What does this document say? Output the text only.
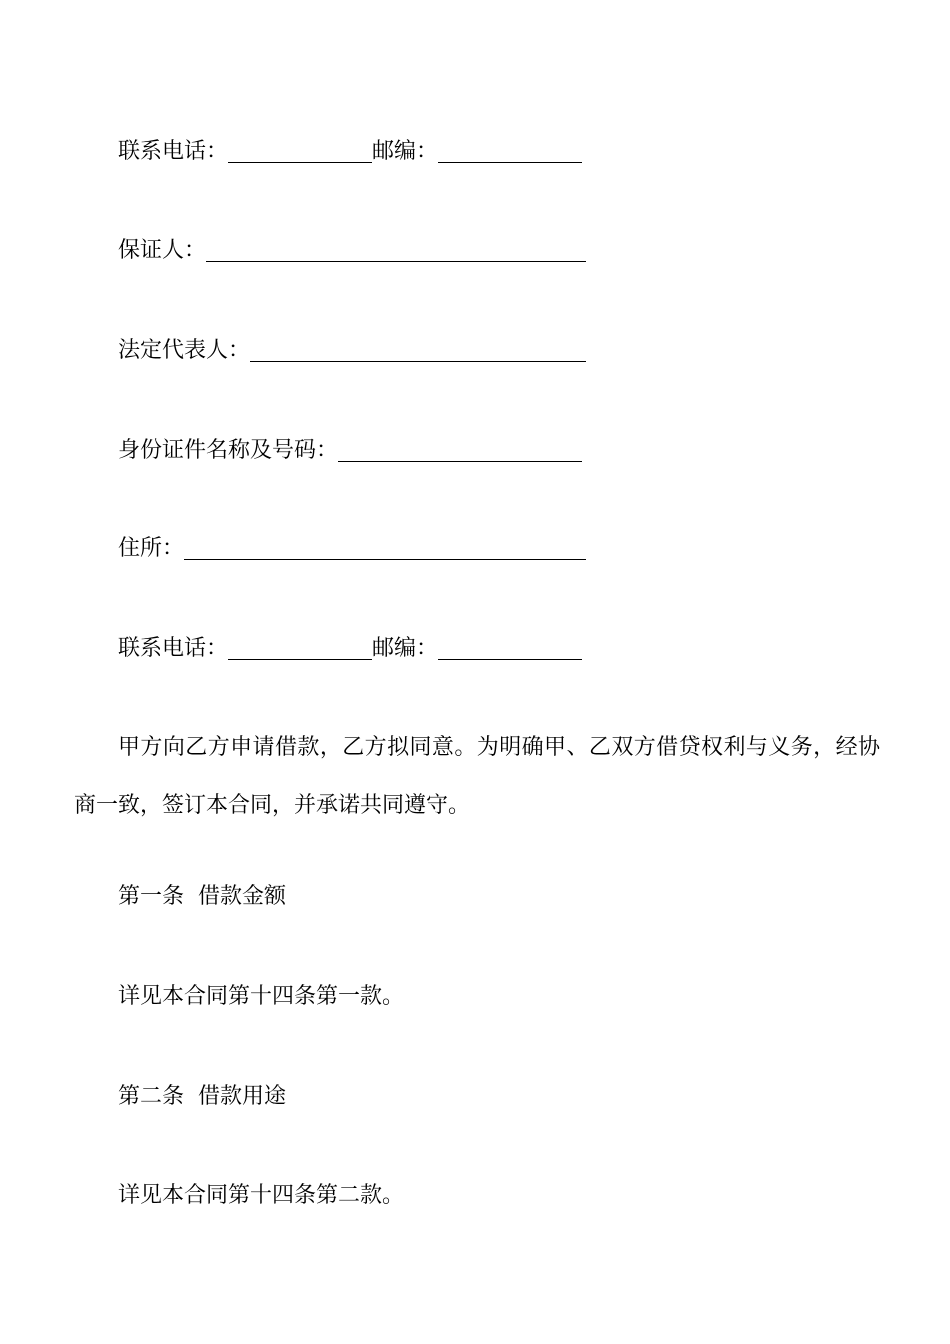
联系电话：	邮编：
保证人：
法定代表人：
身份证件名称及号码：
住所：
联系电话：	邮编：
甲方向乙方申请借款，乙方拟同意。为明确甲、乙双方借贷权利与义务，经协商一致，签订本合同，并承诺共同遵守。
第一条  借款金额
详见本合同第十四条第一款。
第二条  借款用途
详见本合同第十四条第二款。
